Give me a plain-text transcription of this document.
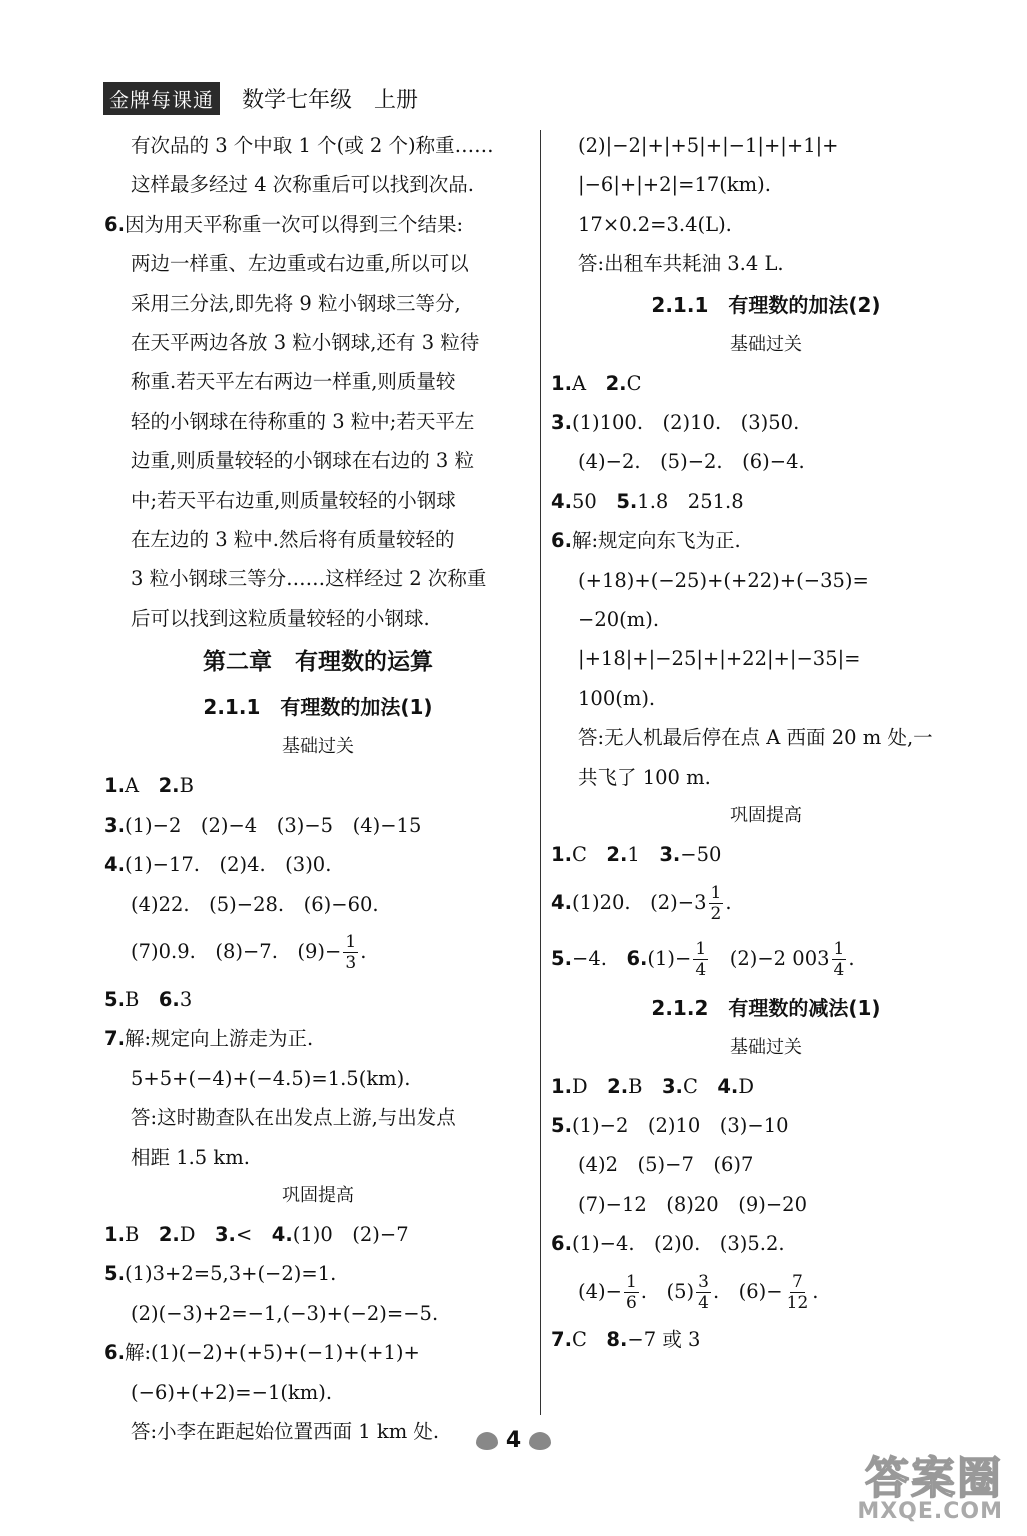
金牌每课通 数学七年级　上册
有次品的 3 个中取 1 个(或 2 个)称重……
这样最多经过 4 次称重后可以找到次品.
6.因为用天平称重一次可以得到三个结果:
两边一样重、左边重或右边重,所以可以
采用三分法,即先将 9 粒小钢球三等分,
在天平两边各放 3 粒小钢球,还有 3 粒待
称重.若天平左右两边一样重,则质量较
轻的小钢球在待称重的 3 粒中;若天平左
边重,则质量较轻的小钢球在右边的 3 粒
中;若天平右边重,则质量较轻的小钢球
在左边的 3 粒中.然后将有质量较轻的
3 粒小钢球三等分……这样经过 2 次称重
后可以找到这粒质量较轻的小钢球.
第二章　有理数的运算
2.1.1　有理数的加法(1)
基础过关
1.A　2.B
3.(1)−2　(2)−4　(3)−5　(4)−15
4.(1)−17.　(2)4.　(3)0.
(4)22.　(5)−28.　(6)−60.
(7)0.9.　(8)−7.　$(9)- \frac{1}{3}$ .
5.B　6.3
7.解:规定向上游走为正.
5+5+(−4)+(−4.5)=1.5(km).
答:这时勘查队在出发点上游,与出发点
相距 1.5 km.
巩固提高
1.B　2.D　3.<　4.(1)0　(2)−7
5.(1)3+2=5,3+(−2)=1.
(2)(−3)+2=−1,(−3)+(−2)=−5.
6.解:(1)(−2)+(+5)+(−1)+(+1)+
(−6)+(+2)=−1(km).
答:小李在距起始位置西面 1 km 处.
(2)|−2|+|+5|+|−1|+|+1|+
|−6|+|+2|=17(km).
17×0.2=3.4(L).
答:出租车共耗油 3.4 L.
2.1.1　有理数的加法(2)
基础过关
1.A　2.C
3.(1)100.　(2)10.　(3)50.
(4)−2.　(5)−2.　(6)−4.
4.50　5.1.8　251.8
6.解:规定向东飞为正.
(+18)+(−25)+(+22)+(−35)=
−20(m).
|+18|+|−25|+|+22|+|−35|=
100(m).
答:无人机最后停在点 A 西面 20 m 处,一
共飞了 100 m.
巩固提高
1.C　2.1　3.−50
4.(1)20.　$(2)-3 \frac{1}{2}$ .
5.−4.　$6.(1)- \frac{1}{4}$ 　(2)−2 $003 \frac{1}{4}$ .
2.1.2　有理数的减法(1)
基础过关
1.D　2.B　3.C　4.D
5.(1)−2　(2)10　(3)−10
(4)2　(5)−7　(6)7
(7)−12　(8)20　(9)−20
6.(1)−4.　(2)0.　(3)5.2.
$(4)- \frac{1}{6}$ .　$(5) \frac{3}{4}$ .　$(6)- \frac{7}{12}$ .
7.C　8.−7 或 3
4
答案圈
MXQE.COM
